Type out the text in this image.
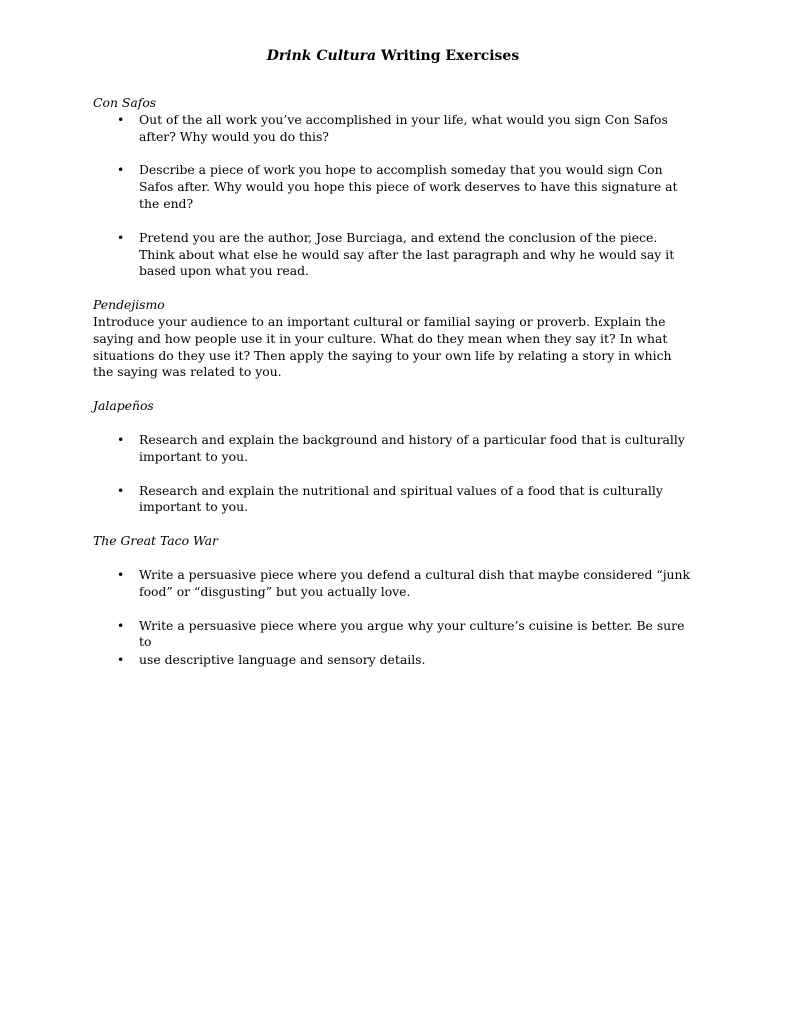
Drink Cultura Writing Exercises

Con Safos

• Out of the all work you’ve accomplished in your life, what would you sign Con Safos after? Why would you do this?
• Describe a piece of work you hope to accomplish someday that you would sign Con Safos after. Why would you hope this piece of work deserves to have this signature at the end?
• Pretend you are the author, Jose Burciaga, and extend the conclusion of the piece. Think about what else he would say after the last paragraph and why he would say it based upon what you read.

Pendejismo

Introduce your audience to an important cultural or familial saying or proverb. Explain the saying and how people use it in your culture. What do they mean when they say it? In what situations do they use it? Then apply the saying to your own life by relating a story in which the saying was related to you.

Jalapeños

• Research and explain the background and history of a particular food that is culturally important to you.
• Research and explain the nutritional and spiritual values of a food that is culturally important to you.

The Great Taco War

• Write a persuasive piece where you defend a cultural dish that maybe considered “junk food” or “disgusting” but you actually love.
• Write a persuasive piece where you argue why your culture’s cuisine is better. Be sure to
• use descriptive language and sensory details.
